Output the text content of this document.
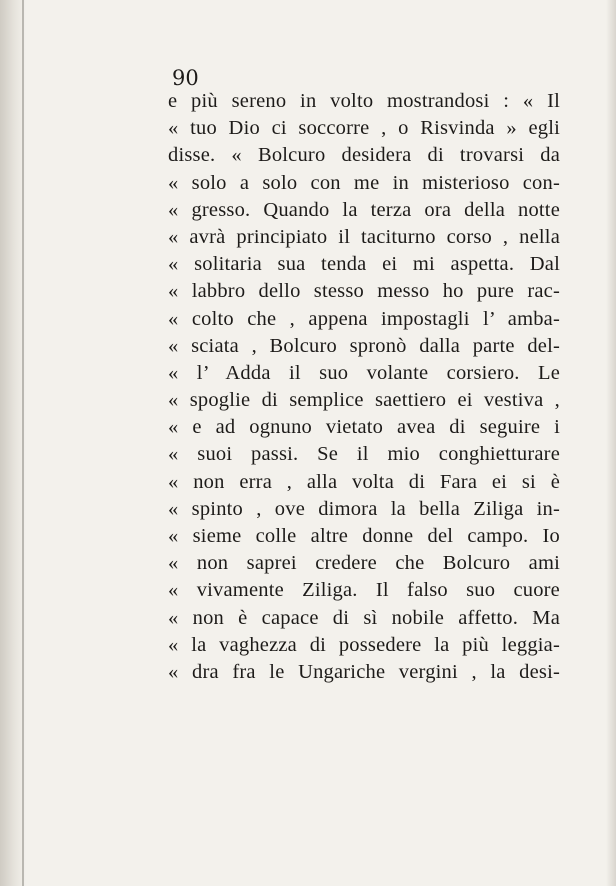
90
e più sereno in volto mostrandosi : « Il
« tuo Dio ci soccorre , o Risvinda » egli
disse. « Bolcuro desidera di trovarsi da
« solo a solo con me in misterioso con-
« gresso. Quando la terza ora della notte
« avrà principiato il taciturno corso , nella
« solitaria sua tenda ei mi aspetta. Dal
« labbro dello stesso messo ho pure rac-
« colto che , appena impostagli l’ amba-
« sciata , Bolcuro spronò dalla parte del-
« l’ Adda il suo volante corsiero. Le
« spoglie di semplice saettiero ei vestiva ,
« e ad ognuno vietato avea di seguire i
« suoi passi. Se il mio conghietturare
« non erra , alla volta di Fara ei si è
« spinto , ove dimora la bella Ziliga in-
« sieme colle altre donne del campo. Io
« non saprei credere che Bolcuro ami
« vivamente Ziliga. Il falso suo cuore
« non è capace di sì nobile affetto. Ma
« la vaghezza di possedere la più leggia-
« dra fra le Ungariche vergini , la desi-
